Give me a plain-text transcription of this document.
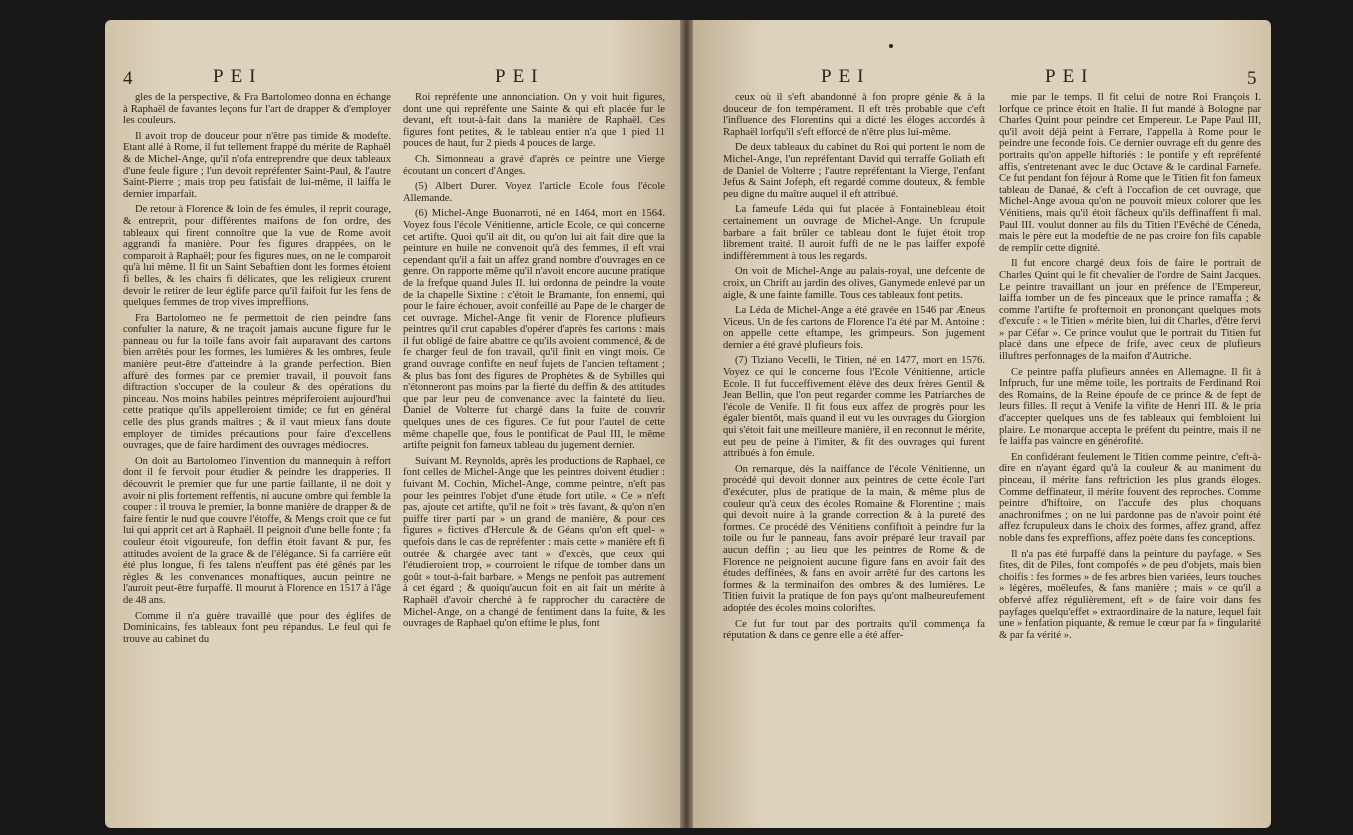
4	PEI	PEI

gles de la perspective, & Fra Bartolomeo donna en échange à Raphaël de favantes leçons fur l'art de drapper & d'employer les couleurs.

Il avoit trop de douceur pour n'être pas timide & modefte. Etant allé à Rome, il fut tellement frappé du mérite de Raphaël & de Michel-Ange, qu'il n'ofa entreprendre que deux tableaux d'une feule figure ; l'un devoit repréfenter Saint-Paul, & l'autre Saint-Pierre ; mais trop peu fatisfait de lui-même, il laiffa le dernier imparfait.

De retour à Florence & loin de fes émules, il reprit courage, & entreprit, pour différentes maifons de fon ordre, des tableaux qui firent connoître que la vue de Rome avoit aggrandi fa manière. Pour fes figures drappées, on le comparoit à Raphaël; pour fes figures nues, on ne le comparoit qu'à lui même. Il fit un Saint Sebaftien dont les formes étoient fi belles, & les chairs fi délicates, que les religieux crurent devoir le retirer de leur églife parce qu'il faifoit fur les fens de quelques femmes de trop vives impreffions.

Fra Bartolomeo ne fe permettoit de rien peindre fans confulter la nature, & ne traçoit jamais aucune figure fur le panneau ou fur la toile fans avoir fait auparavant des cartons bien arrêtés pour les formes, les lumières & les ombres, feule manière peut-être d'atteindre à la grande perfection. Bien affuré des formes par ce premier travail, il pouvoit fans diftraction s'occuper de la couleur & des opérations du pinceau. Nos moins habiles peintres mépriferoient aujourd'hui cette pratique qu'ils appelleroient timide; ce fut en général celle des plus grands maîtres ; & il vaut mieux fans doute employer de timides précautions pour faire d'excellens ouvrages, que de faire hardiment des ouvrages médiocres.

On doit au Bartolomeo l'invention du mannequin à reffort dont il fe fervoit pour étudier & peindre les drapperies. Il découvrit le premier que fur une partie faillante, il ne doit y avoir ni plis fortement reffentis, ni aucune ombre qui femble la couper : il trouva le premier, la bonne manière de drapper & de faire fentir le nud que couvre l'étoffe, & Mengs croit que ce fut lui qui apprit cet art à Raphaël. Il peignoit d'une belle fonte ; fa couleur étoit vigoureufe, fon deffin étoit favant & pur, fes attitudes avoient de la grace & de l'élégance. Si fa carrière eût été plus longue, fi fes talens n'euffent pas été gênés par les règles & les convenances monaftiques, aucun peintre ne l'auroit peut-être furpaffé. Il mourut à Florence en 1517 à l'âge de 48 ans.

Comme il n'a guère travaillé que pour des églifes de Dominicains, fes tableaux font peu répandus. Le feul qui fe trouve au cabinet du

Roi repréfente une annonciation. On y voit huit figures, dont une qui repréfente une Sainte & qui eft placée fur le devant, eft tout-à-fait dans la manière de Raphaël. Ces figures font petites, & le tableau entier n'a que 1 pied 11 pouces de haut, fur 2 pieds 4 pouces de large.

Ch. Simonneau a gravé d'après ce peintre une Vierge écoutant un concert d'Anges.

(5) Albert Durer. Voyez l'article Ecole fous l'école Allemande.

(6) Michel-Ange Buonarroti, né en 1464, mort en 1564. Voyez fous l'école Vénitienne, article Ecole, ce qui concerne cet artifte. Quoi qu'il ait dit, ou qu'on lui ait fait dire que la peinture en huile ne convenoit qu'à des femmes, il eft vrai cependant qu'il a fait un affez grand nombre d'ouvrages en ce genre. On rapporte même qu'il n'avoit encore aucune pratique de la frefque quand Jules II. lui ordonna de peindre la voute de la chapelle Sixtine : c'étoit le Bramante, fon ennemi, qui pour le faire échouer, avoit confeillé au Pape de le charger de cet ouvrage. Michel-Ange fit venir de Florence plufieurs peintres qu'il crut capables d'opérer d'après fes cartons : mais il fut obligé de faire abattre ce qu'ils avoient commencé, & de fe charger feul de fon travail, qu'il finit en vingt mois. Ce grand ouvrage confifte en neuf fujets de l'ancien teftament ; & plus bas font des figures de Prophètes & de Sybilles qui n'étonneront pas moins par la fierté du deffin & des attitudes que par leur peu de convenance avec la fainteté du lieu. Daniel de Volterre fut chargé dans la fuite de couvrir quelques unes de ces figures. Ce fut pour l'autel de cette même chapelle que, fous le pontificat de Paul III, le même artifte peignit fon fameux tableau du jugement dernier.

Suivant M. Reynolds, après les productions de Raphael, ce font celles de Michel-Ange que les peintres doivent étudier : fuivant M. Cochin, Michel-Ange, comme peintre, n'eft pas pour les peintres l'objet d'une étude fort utile. « Ce » n'eft pas, ajoute cet artifte, qu'il ne foit » très favant, & qu'on n'en puiffe tirer parti par » un grand de manière, & pour ces figures » fictives d'Hercule & de Géans qu'on eft quel- » quefois dans le cas de repréfenter : mais cette » manière eft fi outrée & chargée avec tant » d'excès, que ceux qui l'étudieroient trop, » courroient le rifque de tomber dans un goût » tout-à-fait barbare. » Mengs ne penfoit pas autrement à cet égard ; & quoiqu'aucun foit en ait fait un mérite à Raphaël d'avoir cherché à fe rapprocher du caractère de Michel-Ange, on a changé de fentiment dans la fuite, & les ouvrages de Raphael qu'on eftime le plus, font

PEI	PEI	5

ceux où il s'eft abandonné à fon propre génie & à la douceur de fon tempérament. Il eft très probable que c'eft l'influence des Florentins qui a dicté les éloges accordés à Raphaël lorfqu'il s'eft efforcé de n'être plus lui-même.

De deux tableaux du cabinet du Roi qui portent le nom de Michel-Ange, l'un repréfentant David qui terraffe Goliath eft de Daniel de Volterre ; l'autre repréfentant la Vierge, l'enfant Jefus & Saint Jofeph, eft regardé comme douteux, & femble peu digne du maître auquel il eft attribué.

La fameufe Léda qui fut placée à Fontainebleau étoit certainement un ouvrage de Michel-Ange. Un fcrupule barbare a fait brûler ce tableau dont le fujet étoit trop librement traité. Il auroit fuffi de ne le pas laiffer expofé indifféremment à tous les regards.

On voit de Michel-Ange au palais-royal, une defcente de croix, un Chrift au jardin des olives, Ganymede enlevé par un aigle, & une fainte famille. Tous ces tableaux font petits.

La Léda de Michel-Ange a été gravée en 1546 par Æneus Viceus. Un de fes cartons de Florence l'a été par M. Antoine : on appelle cette eftampe, les grimpeurs. Son jugement dernier a été gravé plufieurs fois.

(7) Tiziano Vecelli, le Titien, né en 1477, mort en 1576. Voyez ce qui le concerne fous l'Ecole Vénitienne, article Ecole. Il fut fucceffivement élève des deux frères Gentil & Jean Bellin, que l'on peut regarder comme les Patriarches de l'école de Venife. Il fit fous eux affez de progrès pour les égaler bientôt, mais quand il eut vu les ouvrages du Giorgion qui s'étoit fait une meilleure manière, il en reconnut le mérite, eut peu de peine à l'imiter, & fit des ouvrages qui furent attribués à fon émule.

On remarque, dès la naiffance de l'école Vénitienne, un procédé qui devoit donner aux peintres de cette école l'art d'exécuter, plus de pratique de la main, & même plus de couleur qu'à ceux des écoles Romaine & Florentine ; mais qui devoit nuire à la grande correction & à la pureté des formes. Ce procédé des Vénitiens confiftoit à peindre fur la toile ou fur le panneau, fans avoir préparé leur travail par aucun deffin ; au lieu que les peintres de Rome & de Florence ne peignoient aucune figure fans en avoir fait des études deffinées, & fans en avoir arrêté fur des cartons les formes & la terminaifon des ombres & des lumières. Le Titien fuivit la pratique de fon pays qu'ont malheureufement adoptée des écoles moins coloriftes.

Ce fut fur tout par des portraits qu'il commença fa réputation & dans ce genre elle a été affer-

mie par le temps. Il fit celui de notre Roi François I. lorfque ce prince étoit en Italie. Il fut mandé à Bologne par Charles Quint pour peindre cet Empereur. Le Pape Paul III, qu'il avoit déjà peint à Ferrare, l'appella à Rome pour le peindre une feconde fois. Ce dernier ouvrage eft du genre des portraits qu'on appelle hiftoriés : le pontife y eft repréfenté affis, s'entretenant avec le duc Octave & le cardinal Farnefe. Ce fut pendant fon féjour à Rome que le Titien fit fon fameux tableau de Danaé, & c'eft à l'occafion de cet ouvrage, que Michel-Ange avoua qu'on ne pouvoit mieux colorer que les Vénitiens, mais qu'il étoit fâcheux qu'ils deffinaffent fi mal. Paul III. voulut donner au fils du Titien l'Evêché de Céneda, mais le père eut la modeftie de ne pas croire fon fils capable de remplir cette dignité.

Il fut encore chargé deux fois de faire le portrait de Charles Quint qui le fit chevalier de l'ordre de Saint Jacques. Le peintre travaillant un jour en préfence de l'Empereur, laiffa tomber un de fes pinceaux que le prince ramaffa ; & comme l'artifte fe profternoit en prononçant quelques mots d'excufe : « le Titien » mérite bien, lui dit Charles, d'être fervi » par Céfar ». Ce prince voulut que le portrait du Titien fut placé dans une efpece de frife, avec ceux de plufieurs illuftres perfonnages de la maifon d'Autriche.

Ce peintre paffa plufieurs années en Allemagne. Il fit à Infpruch, fur une même toile, les portraits de Ferdinand Roi des Romains, de la Reine époufe de ce prince & de fept de leurs filles. Il reçut à Venife la vifite de Henri III. & le pria d'accepter quelques uns de fes tableaux qui fembloient lui plaire. Le monarque accepta le préfent du peintre, mais il ne fe laiffa pas vaincre en générofité.

En confidérant feulement le Titien comme peintre, c'eft-à-dire en n'ayant égard qu'à la couleur & au maniment du pinceau, il mérite fans reftriction les plus grands éloges. Comme deffinateur, il mérite fouvent des reproches. Comme peintre d'hiftoire, on l'accufe des plus choquans anachronifmes ; on ne lui pardonne pas de n'avoir point été affez fcrupuleux dans le choix des formes, affez grand, affez noble dans fes expreffions, affez poète dans fes conceptions.

Il n'a pas été furpaffé dans la peinture du payfage. « Ses fites, dit de Piles, font compofés » de peu d'objets, mais bien choifis : fes formes » de fes arbres bien variées, leurs touches » légères, moëleufes, & fans manière ; mais » ce qu'il a obfervé affez régulièrement, eft » de faire voir dans fes payfages quelqu'effet » extraordinaire de la nature, lequel fait une » fenfation piquante, & remue le cœur par fa » fingularité & par fa vérité ».
